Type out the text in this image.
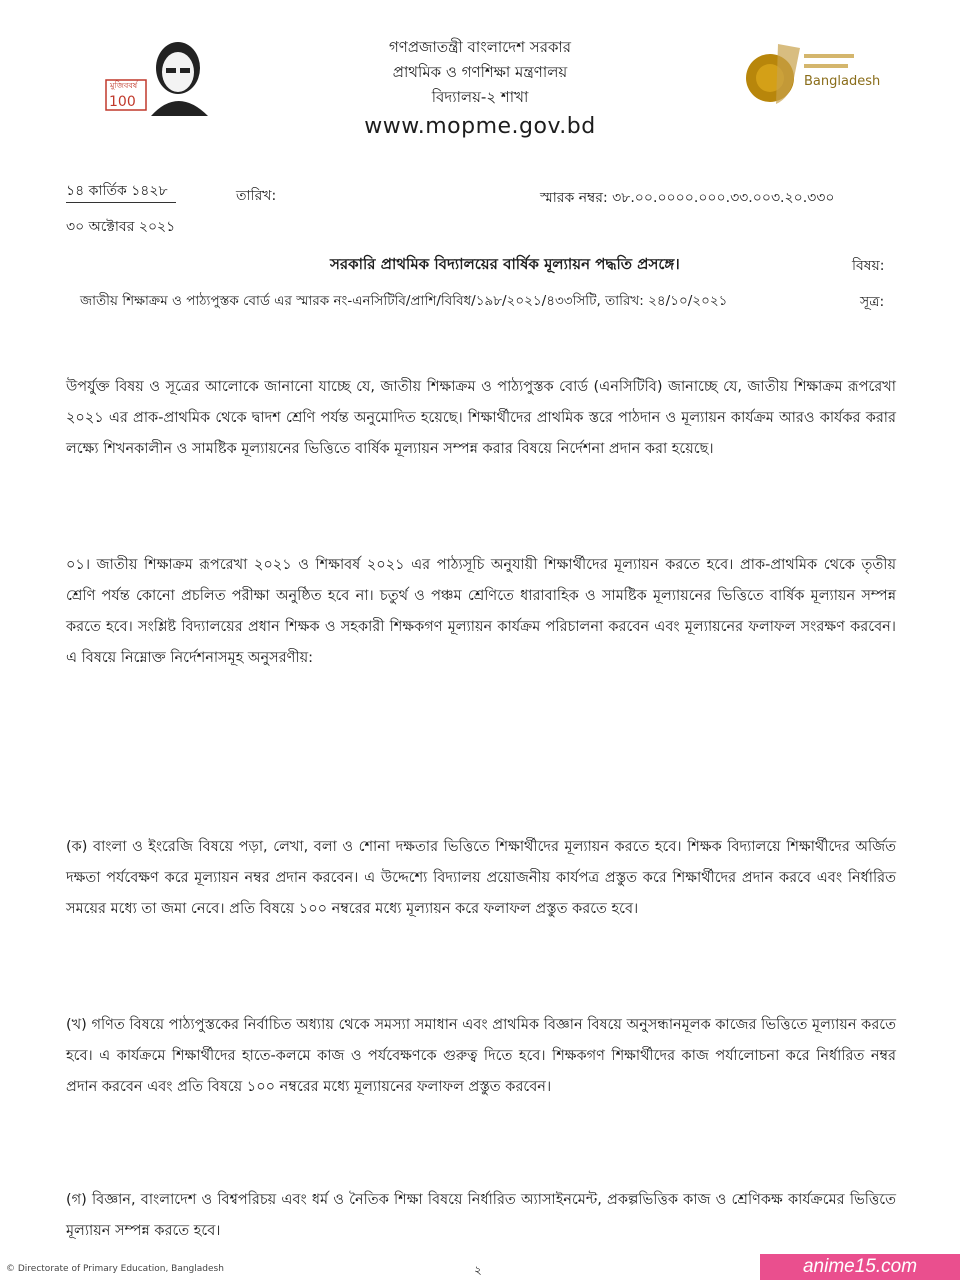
100
মুজিববর্ষ	Bangladesh
গণপ্রজাতন্ত্রী বাংলাদেশ সরকার
প্রাথমিক ও গণশিক্ষা মন্ত্রণালয়
বিদ্যালয়-২ শাখা
www.mopme.gov.bd
স্মারক নম্বর: ৩৮.০০.০০০০.০০০.৩৩.০০৩.২০.৩৩০
১৪ কার্তিক ১৪২৮	তারিখ:
৩০ অক্টোবর ২০২১
বিষয়:
সরকারি প্রাথমিক বিদ্যালয়ের বার্ষিক মূল্যায়ন পদ্ধতি প্রসঙ্গে।
সূত্র:
জাতীয় শিক্ষাক্রম ও পাঠ্যপুস্তক বোর্ড এর স্মারক নং-এনসিটিবি/প্রাশি/বিবিধ/১৯৮/২০২১/৪৩৩সিটি, তারিখ: ২৪/১০/২০২১
উপর্যুক্ত বিষয় ও সূত্রের আলোকে জানানো যাচ্ছে যে, জাতীয় শিক্ষাক্রম ও পাঠ্যপুস্তক বোর্ড (এনসিটিবি) জানাচ্ছে যে, জাতীয় শিক্ষাক্রম রূপরেখা ২০২১ এর প্রাক-প্রাথমিক থেকে দ্বাদশ শ্রেণি পর্যন্ত অনুমোদিত হয়েছে। শিক্ষার্থীদের প্রাথমিক স্তরে পাঠদান ও মূল্যায়ন কার্যক্রম আরও কার্যকর করার লক্ষ্যে শিখনকালীন ও সামষ্টিক মূল্যায়নের ভিত্তিতে বার্ষিক মূল্যায়ন সম্পন্ন করার বিষয়ে নির্দেশনা প্রদান করা হয়েছে।
০১। জাতীয় শিক্ষাক্রম রূপরেখা ২০২১ ও শিক্ষাবর্ষ ২০২১ এর পাঠ্যসূচি অনুযায়ী শিক্ষার্থীদের মূল্যায়ন করতে হবে। প্রাক-প্রাথমিক থেকে তৃতীয় শ্রেণি পর্যন্ত কোনো প্রচলিত পরীক্ষা অনুষ্ঠিত হবে না। চতুর্থ ও পঞ্চম শ্রেণিতে ধারাবাহিক ও সামষ্টিক মূল্যায়নের ভিত্তিতে বার্ষিক মূল্যায়ন সম্পন্ন করতে হবে। সংশ্লিষ্ট বিদ্যালয়ের প্রধান শিক্ষক ও সহকারী শিক্ষকগণ মূল্যায়ন কার্যক্রম পরিচালনা করবেন এবং মূল্যায়নের ফলাফল সংরক্ষণ করবেন। এ বিষয়ে নিম্নোক্ত নির্দেশনাসমূহ অনুসরণীয়:
(ক) বাংলা ও ইংরেজি বিষয়ে পড়া, লেখা, বলা ও শোনা দক্ষতার ভিত্তিতে শিক্ষার্থীদের মূল্যায়ন করতে হবে। শিক্ষক বিদ্যালয়ে শিক্ষার্থীদের অর্জিত দক্ষতা পর্যবেক্ষণ করে মূল্যায়ন নম্বর প্রদান করবেন। এ উদ্দেশ্যে বিদ্যালয় প্রয়োজনীয় কার্যপত্র প্রস্তুত করে শিক্ষার্থীদের প্রদান করবে এবং নির্ধারিত সময়ের মধ্যে তা জমা নেবে। প্রতি বিষয়ে ১০০ নম্বরের মধ্যে মূল্যায়ন করে ফলাফল প্রস্তুত করতে হবে।
(খ) গণিত বিষয়ে পাঠ্যপুস্তকের নির্বাচিত অধ্যায় থেকে সমস্যা সমাধান এবং প্রাথমিক বিজ্ঞান বিষয়ে অনুসন্ধানমূলক কাজের ভিত্তিতে মূল্যায়ন করতে হবে। এ কার্যক্রমে শিক্ষার্থীদের হাতে-কলমে কাজ ও পর্যবেক্ষণকে গুরুত্ব দিতে হবে। শিক্ষকগণ শিক্ষার্থীদের কাজ পর্যালোচনা করে নির্ধারিত নম্বর প্রদান করবেন এবং প্রতি বিষয়ে ১০০ নম্বরের মধ্যে মূল্যায়নের ফলাফল প্রস্তুত করবেন।
(গ) বিজ্ঞান, বাংলাদেশ ও বিশ্বপরিচয় এবং ধর্ম ও নৈতিক শিক্ষা বিষয়ে নির্ধারিত অ্যাসাইনমেন্ট, প্রকল্পভিত্তিক কাজ ও শ্রেণিকক্ষ কার্যক্রমের ভিত্তিতে মূল্যায়ন সম্পন্ন করতে হবে।
২
© Directorate of Primary Education, Bangladesh	anime15.com
